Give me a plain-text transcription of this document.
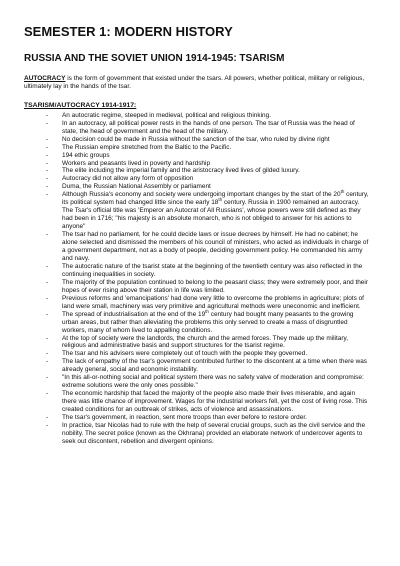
SEMESTER 1: MODERN HISTORY
RUSSIA AND THE SOVIET UNION 1914-1945: TSARISM
AUTOCRACY is the form of government that existed under the tsars. All powers, whether political, military or religious, ultimately lay in the hands of the tsar.
TSARISM/AUTOCRACY 1914-1917:
- An autocratic regime, steeped in medieval, political and religious thinking.
- In an autocracy, all political power rests in the hands of one person. The tsar of Russia was the head of state, the head of government and the head of the military.
- No decision could be made in Russia without the sanction of the tsar, who ruled by divine right
- The Russian empire stretched from the Baltic to the Pacific.
- 194 ethic groups
- Workers and peasants lived in poverty and hardship
- The elite including the imperial family and the aristocracy lived lives of gilded luxury.
- Autocracy did not allow any form of opposition
- Duma, the Russian National Assembly or parliament
- Although Russia's economy and society were undergoing important changes by the start of the 20th century, its political system had changed little since the early 18th century. Russia in 1900 remained an autocracy. The Tsar's official title was 'Emperor an Autocrat of All Russians', whose powers were still defined as they had been in 1716; "his majesty is an absolute monarch, who is not obliged to answer for his actions to anyone"
- The tsar had no parliament, for he could decide laws or issue decrees by himself. He had no cabinet; he alone selected and dismissed the members of his council of ministers, who acted as individuals in charge of a government department, not as a body of people, deciding government policy. He commanded his army and navy.
- The autocratic nature of the tsarist state at the beginning of the twentieth century was also reflected in the continuing inequalities in society.
- The majority of the population continued to belong to the peasant class; they were extremely poor, and their hopes of ever rising above their station in life was limited.
- Previous reforms and 'emancipations' had done very little to overcome the problems in agriculture; plots of land were small, machinery was very primitive and agricultural methods were uneconomic and inefficient.
- The spread of industrialisation at the end of the 19th century had bought many peasants to the growing urban areas, but rather than alleviating the problems this only served to create a mass of disgruntled workers, many of whom lived to appalling conditions.
- At the top of society were the landlords, the church and the armed forces. They made up the military, religious and administrative basis and support structures for the tsarist regime.
- The tsar and his advisers were completely out of touch with the people they governed.
- The lack of empathy of the tsar's government contributed further to the discontent at a time when there was already general, social and economic instability.
- "In this all-or-nothing social and political system there was no safety valve of moderation and compromise: extreme solutions were the only ones possible."
- The economic hardship that faced the majority of the people also made their lives miserable, and again there was little chance of improvement. Wages for the industrial workers fell, yet the cost of living rose. This created conditions for an outbreak of strikes, acts of violence and assassinations.
- The tsar's government, in reaction, sent more troops than ever before to restore order.
- In practice, tsar Nicolas had to rule with the help of several crucial groups, such as the civil service and the nobility. The secret police (known as the Okhrana) provided an elaborate network of undercover agents to seek out discontent, rebellion and divergent opinions.
